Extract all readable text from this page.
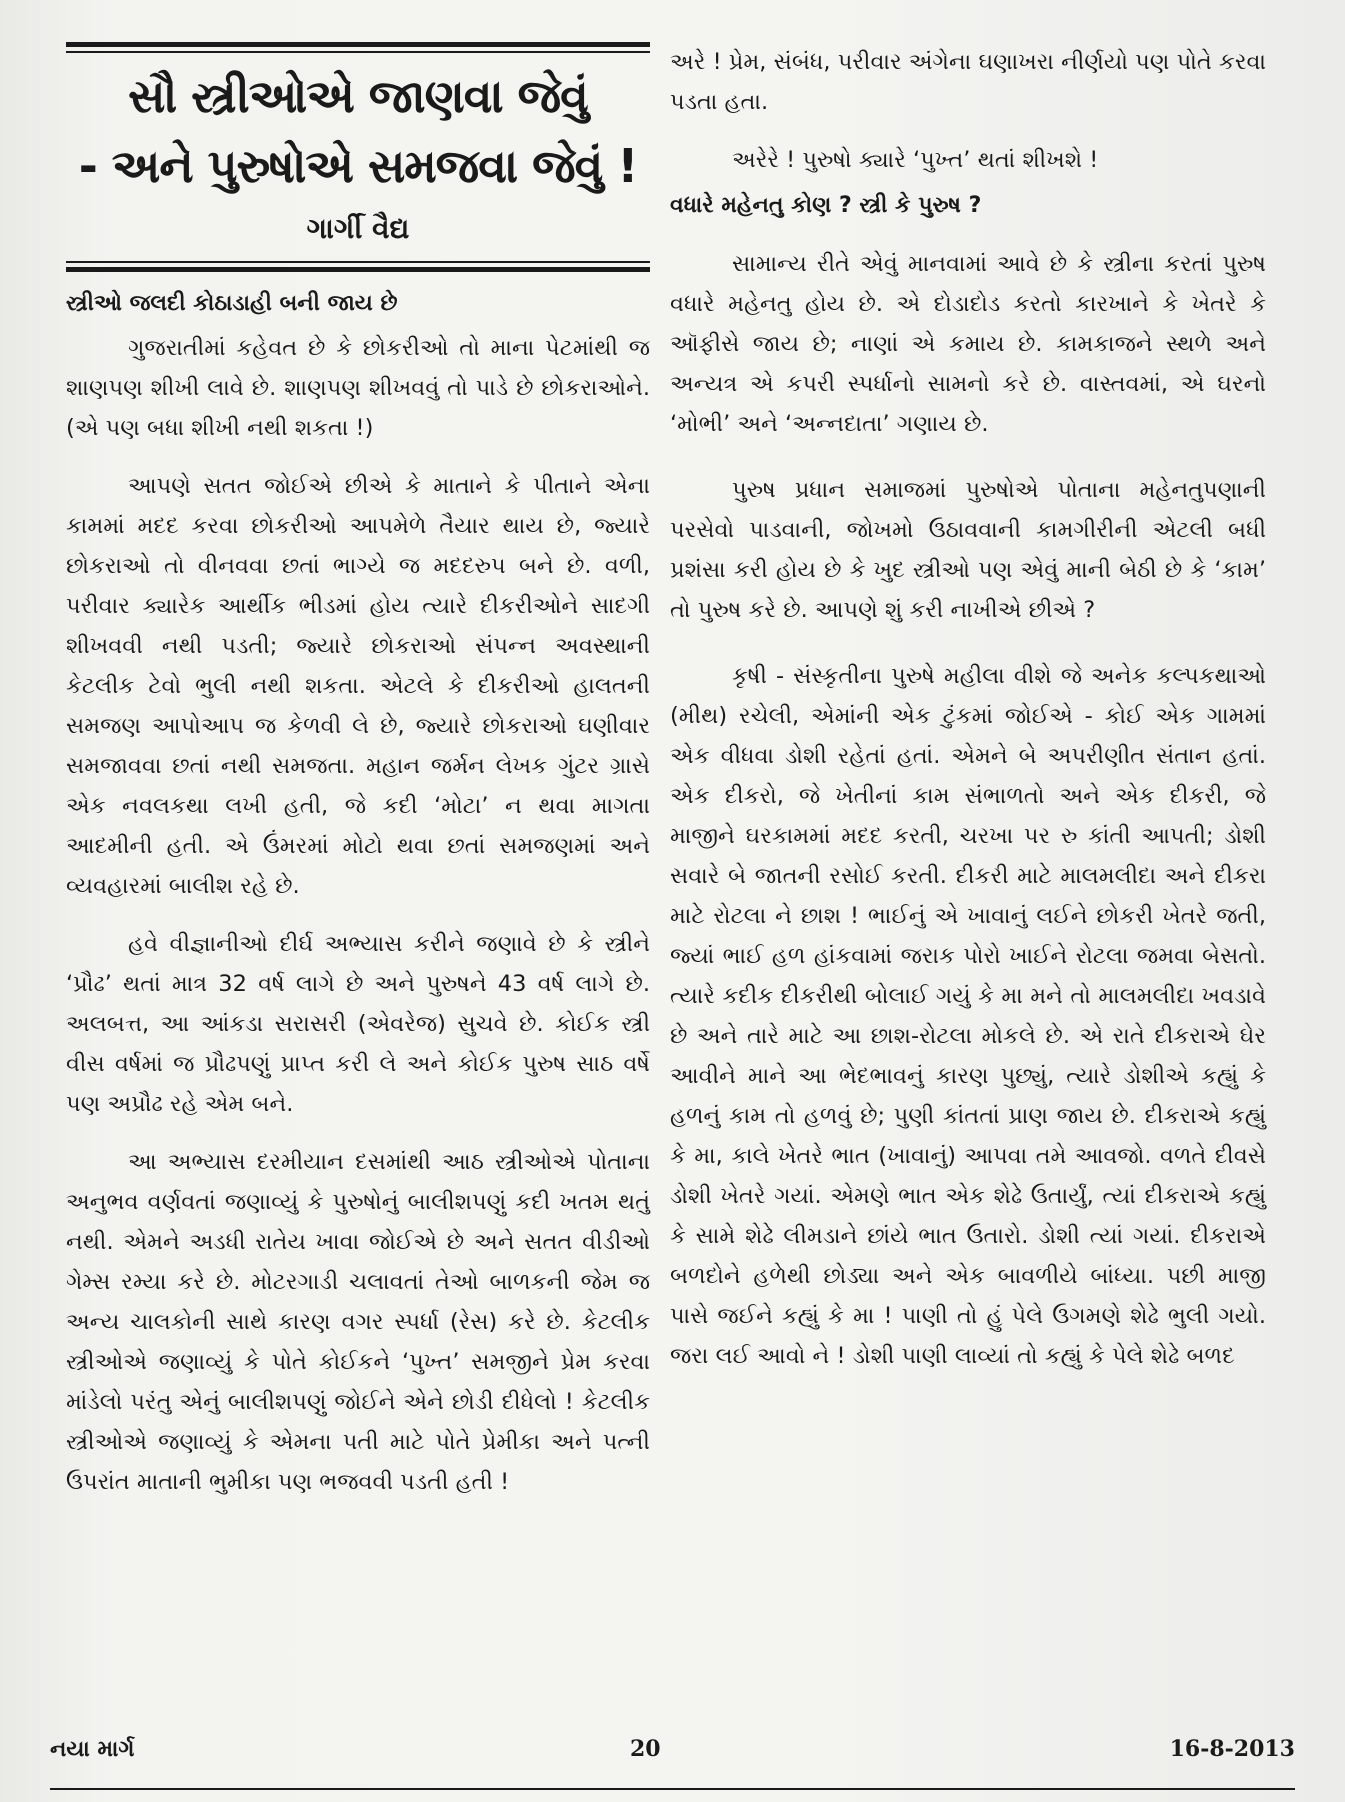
સૌ સ્ત્રીઓએ જાણવા જેવું
- અને પુરુષોએ સમજવા જેવું !
ગાર્ગી વૈદ્ય
સ્ત્રીઓ જલદી કોઠાડાહી બની જાય છે

ગુજરાતીમાં કહેવત છે કે છોકરીઓ તો માના પેટમાંથી જ શાણપણ શીખી લાવે છે. શાણપણ શીખવવું તો પાડે છે છોકરાઓને. (એ પણ બધા શીખી નથી શકતા !)

આપણે સતત જોઈએ છીએ કે માતાને કે પીતાને એના કામમાં મદદ કરવા છોકરીઓ આપમેળે તૈયાર થાય છે, જ્યારે છોકરાઓ તો વીનવવા છતાં ભાગ્યે જ મદદરુપ બને છે. વળી, પરીવાર ક્યારેક આર્થીક ભીડમાં હોય ત્યારે દીકરીઓને સાદગી શીખવવી નથી પડતી; જ્યારે છોકરાઓ સંપન્ન અવસ્થાની કેટલીક ટેવો ભુલી નથી શકતા. એટલે કે દીકરીઓ હાલતની સમજણ આપોઆપ જ કેળવી લે છે, જ્યારે છોકરાઓ ઘણીવાર સમજાવવા છતાં નથી સમજતા. મહાન જર્મન લેખક ગુંટર ગ્રાસે એક નવલકથા લખી હતી, જે કદી ‘મોટા’ ન થવા માગતા આદમીની હતી. એ ઉંમરમાં મોટો થવા છતાં સમજણમાં અને વ્યવહારમાં બાલીશ રહે છે.

હવે વીજ્ઞાનીઓ દીર્ઘ અભ્યાસ કરીને જણાવે છે કે સ્ત્રીને ‘પ્રૌઢ’ થતાં માત્ર 32 વર્ષ લાગે છે અને પુરુષને 43 વર્ષ લાગે છે. અલબત્ત, આ આંકડા સરાસરી (એવરેજ) સુચવે છે. કોઈક સ્ત્રી વીસ વર્ષમાં જ પ્રૌઢપણું પ્રાપ્ત કરી લે અને કોઈક પુરુષ સાઠ વર્ષે પણ અપ્રૌઢ રહે એમ બને.

આ અભ્યાસ દરમીયાન દસમાંથી આઠ સ્ત્રીઓએ પોતાના અનુભવ વર્ણવતાં જણાવ્યું કે પુરુષોનું બાલીશપણું કદી ખતમ થતું નથી. એમને અડધી રાતેય ખાવા જોઈએ છે અને સતત વીડીઓ ગેમ્સ રમ્યા કરે છે. મોટરગાડી ચલાવતાં તેઓ બાળકની જેમ જ અન્ય ચાલકોની સાથે કારણ વગર સ્પર્ધા (રેસ) કરે છે. કેટલીક સ્ત્રીઓએ જણાવ્યું કે પોતે કોઈકને ‘પુખ્ત’ સમજીને પ્રેમ કરવા માંડેલો પરંતુ એનું બાલીશપણું જોઈને એને છોડી દીધેલો ! કેટલીક સ્ત્રીઓએ જણાવ્યું કે એમના પતી માટે પોતે પ્રેમીકા અને પત્ની ઉપરાંત માતાની ભુમીકા પણ ભજવવી પડતી હતી !

અરે ! પ્રેમ, સંબંધ, પરીવાર અંગેના ઘણાખરા નીર્ણયો પણ પોતે કરવા પડતા હતા.

અરેરે ! પુરુષો ક્યારે ‘પુખ્ત’ થતાં શીખશે !

વધારે મહેનતુ કોણ ? સ્ત્રી કે પુરુષ ?

સામાન્ય રીતે એવું માનવામાં આવે છે કે સ્ત્રીના કરતાં પુરુષ વધારે મહેનતુ હોય છે. એ દોડાદોડ કરતો કારખાને કે ખેતરે કે ઑફીસે જાય છે; નાણાં એ કમાય છે. કામકાજને સ્થળે અને અન્યત્ર એ કપરી સ્પર્ધાનો સામનો કરે છે. વાસ્તવમાં, એ ઘરનો ‘મોભી’ અને ‘અન્નદાતા’ ગણાય છે.

પુરુષ પ્રધાન સમાજમાં પુરુષોએ પોતાના મહેનતુપણાની પરસેવો પાડવાની, જોખમો ઉઠાવવાની કામગીરીની એટલી બધી પ્રશંસા કરી હોય છે કે ખુદ સ્ત્રીઓ પણ એવું માની બેઠી છે કે ‘કામ’ તો પુરુષ કરે છે. આપણે શું કરી નાખીએ છીએ ?

કૃષી - સંસ્કૃતીના પુરુષે મહીલા વીશે જે અનેક કલ્પકથાઓ (મીથ) રચેલી, એમાંની એક ટુંકમાં જોઈએ - કોઈ એક ગામમાં એક વીધવા ડોશી રહેતાં હતાં. એમને બે અપરીણીત સંતાન હતાં. એક દીકરો, જે ખેતીનાં કામ સંભાળતો અને એક દીકરી, જે માજીને ઘરકામમાં મદદ કરતી, ચરખા પર રુ કાંતી આપતી; ડોશી સવારે બે જાતની રસોઈ કરતી. દીકરી માટે માલમલીદા અને દીકરા માટે રોટલા ને છાશ ! ભાઈનું એ ખાવાનું લઈને છોકરી ખેતરે જતી, જ્યાં ભાઈ હળ હાંકવામાં જરાક પોરો ખાઈને રોટલા જમવા બેસતો. ત્યારે કદીક દીકરીથી બોલાઈ ગયું કે મા મને તો માલમલીદા ખવડાવે છે અને તારે માટે આ છાશ-રોટલા મોકલે છે. એ રાતે દીકરાએ ઘેર આવીને માને આ ભેદભાવનું કારણ પુછ્યું, ત્યારે ડોશીએ કહ્યું કે હળનું કામ તો હળવું છે; પુણી કાંતતાં પ્રાણ જાય છે. દીકરાએ કહ્યું કે મા, કાલે ખેતરે ભાત (ખાવાનું) આપવા તમે આવજો. વળતે દીવસે ડોશી ખેતરે ગયાં. એમણે ભાત એક શેઢે ઉતાર્યું, ત્યાં દીકરાએ કહ્યું કે સામે શેઢે લીમડાને છાંયે ભાત ઉતારો. ડોશી ત્યાં ગયાં. દીકરાએ બળદોને હળેથી છોડ્યા અને એક બાવળીયે બાંધ્યા. પછી માજી પાસે જઈને કહ્યું કે મા ! પાણી તો હું પેલે ઉગમણે શેઢે ભુલી ગયો. જરા લઈ આવો ને ! ડોશી પાણી લાવ્યાં તો કહ્યું કે પેલે શેઢે બળદ

નયા માર્ગ	20	16-8-2013
